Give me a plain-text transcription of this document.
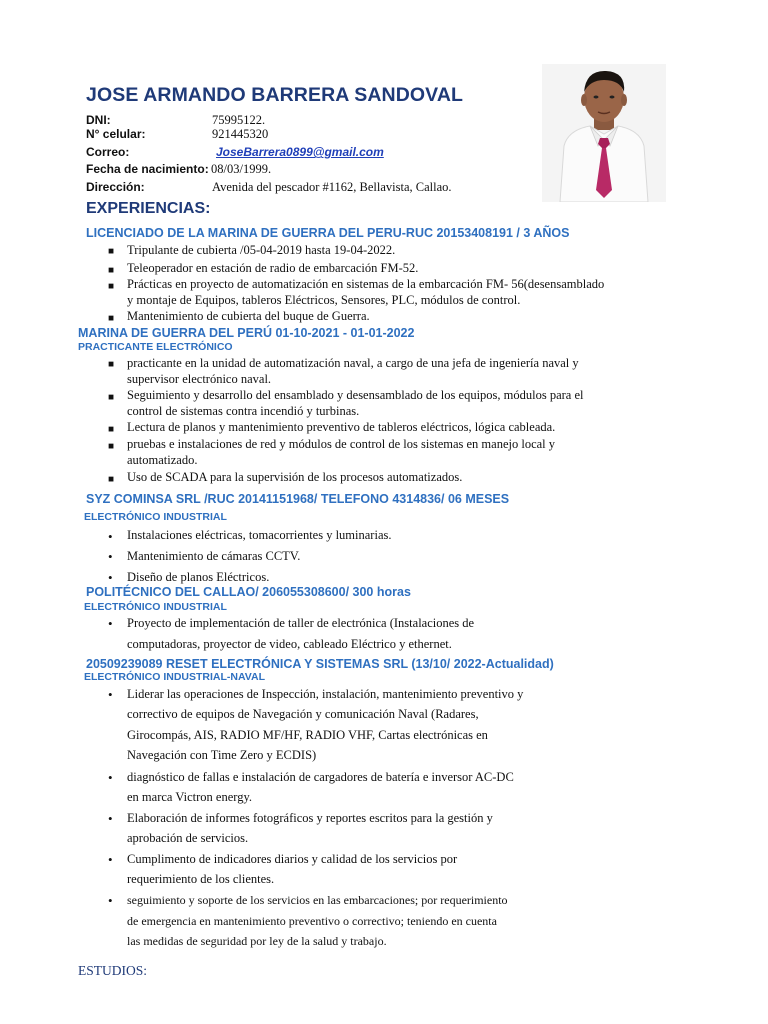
JOSE ARMANDO BARRERA SANDOVAL
DNI:	75995122.
N° celular:	921445320
Correo:	JoseBarrera0899@gmail.com
Fecha de nacimiento: 08/03/1999.
Dirección:	Avenida del pescador #1162, Bellavista, Callao.
EXPERIENCIAS:
LICENCIADO DE LA MARINA DE GUERRA DEL PERU-RUC 20153408191 / 3 AÑOS
■ Tripulante de cubierta /05-04-2019 hasta 19-04-2022.
■ Teleoperador en estación de radio de embarcación FM-52.
■ Prácticas en proyecto de automatización en sistemas de la embarcación FM- 56(desensamblado
y montaje de Equipos, tableros Eléctricos, Sensores, PLC, módulos de control.
■ Mantenimiento de cubierta del buque de Guerra.
MARINA DE GUERRA DEL PERÚ 01-10-2021 - 01-01-2022
PRACTICANTE ELECTRÓNICO
■ practicante en la unidad de automatización naval, a cargo de una jefa de ingeniería naval y
supervisor electrónico naval.
■ Seguimiento y desarrollo del ensamblado y desensamblado de los equipos, módulos para el
control de sistemas contra incendió y turbinas.
■ Lectura de planos y mantenimiento preventivo de tableros eléctricos, lógica cableada.
■ pruebas e instalaciones de red y módulos de control de los sistemas en manejo local y
automatizado.
■ Uso de SCADA para la supervisión de los procesos automatizados.
SYZ COMINSA SRL /RUC 20141151968/ TELEFONO 4314836/ 06 MESES
ELECTRÓNICO INDUSTRIAL
• Instalaciones eléctricas, tomacorrientes y luminarias.
• Mantenimiento de cámaras CCTV.
• Diseño de planos Eléctricos.
POLITÉCNICO DEL CALLAO/ 206055308600/ 300 horas
ELECTRÓNICO INDUSTRIAL
• Proyecto de implementación de taller de electrónica (Instalaciones de
computadoras, proyector de video, cableado Eléctrico y ethernet.
20509239089 RESET ELECTRÓNICA Y SISTEMAS SRL (13/10/ 2022-Actualidad)
ELECTRÓNICO INDUSTRIAL-NAVAL
• Liderar las operaciones de Inspección, instalación, mantenimiento preventivo y
correctivo de equipos de Navegación y comunicación Naval (Radares,
Girocompás, AIS, RADIO MF/HF, RADIO VHF, Cartas electrónicas en
Navegación con Time Zero y ECDIS)
• diagnóstico de fallas e instalación de cargadores de batería e inversor AC-DC
en marca Victron energy.
• Elaboración de informes fotográficos y reportes escritos para la gestión y
aprobación de servicios.
• Cumplimento de indicadores diarios y calidad de los servicios por
requerimiento de los clientes.
• seguimiento y soporte de los servicios en las embarcaciones; por requerimiento
de emergencia en mantenimiento preventivo o correctivo; teniendo en cuenta
las medidas de seguridad por ley de la salud y trabajo.
ESTUDIOS:
